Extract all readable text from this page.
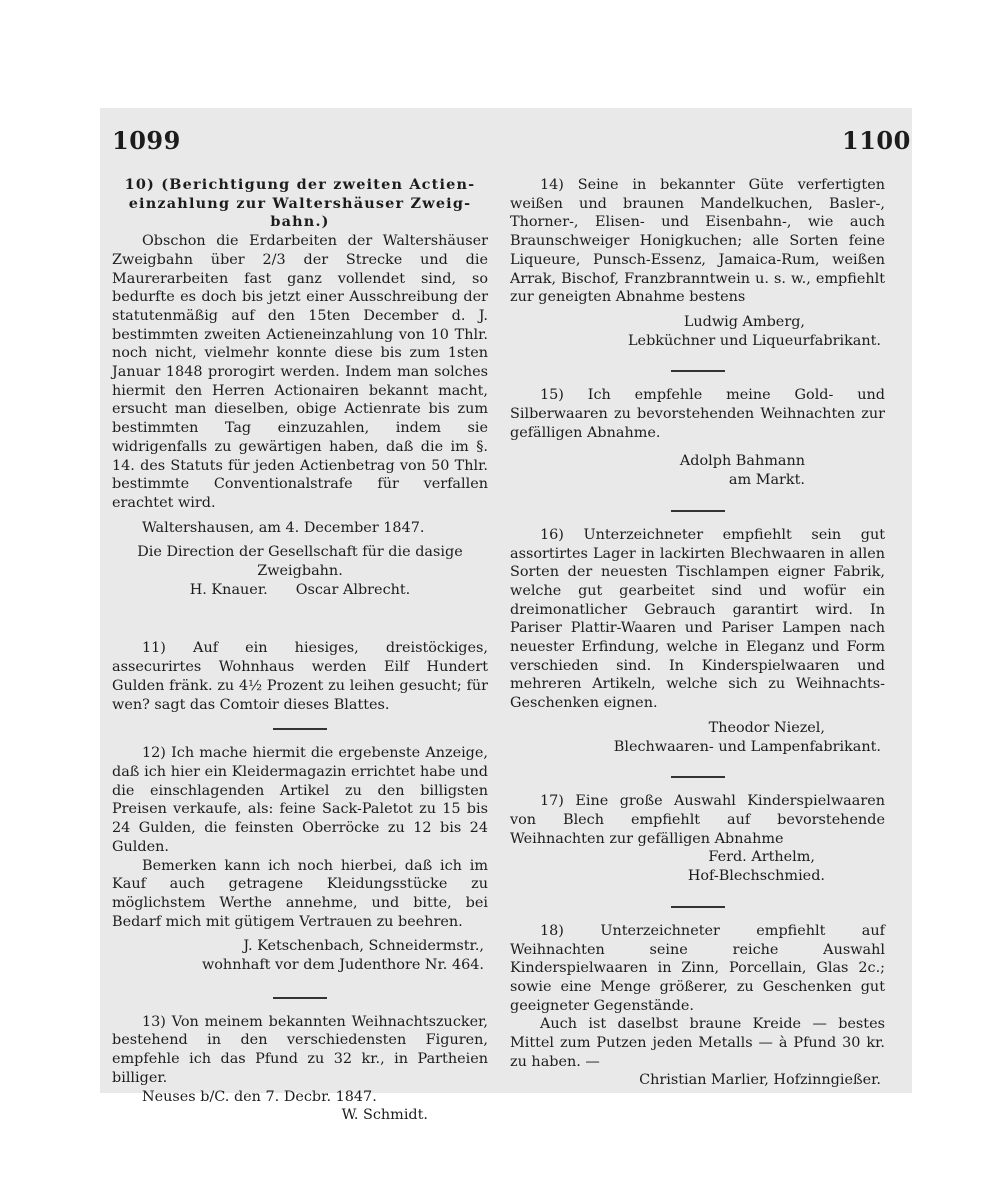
1099	1100
10) (Berichtigung der zweiten Actien-
einzahlung zur Waltershäuser Zweig-
bahn.)

Obschon die Erdarbeiten der Waltershäuser Zweigbahn über 2/3 der Strecke und die Maurerarbeiten fast ganz vollendet sind, so bedurfte es doch bis jetzt einer Ausschreibung der statutenmäßig auf den 15ten December d. J. bestimmten zweiten Actieneinzahlung von 10 Thlr. noch nicht, vielmehr konnte diese bis zum 1sten Januar 1848 prorogirt werden. Indem man solches hiermit den Herren Actionairen bekannt macht, ersucht man dieselben, obige Actienrate bis zum bestimmten Tag einzuzahlen, indem sie widrigenfalls zu gewärtigen haben, daß die im §. 14. des Statuts für jeden Actienbetrag von 50 Thlr. bestimmte Conventionalstrafe für verfallen erachtet wird.

Waltershausen, am 4. December 1847.

Die Direction der Gesellschaft für die dasige

Zweigbahn.

H. Knauer. Oscar Albrecht.

11) Auf ein hiesiges, dreistöckiges, assecurirtes Wohnhaus werden Eilf Hundert Gulden fränk. zu 4½ Prozent zu leihen gesucht; für wen? sagt das Comtoir dieses Blattes.

12) Ich mache hiermit die ergebenste Anzeige, daß ich hier ein Kleidermagazin errichtet habe und die einschlagenden Artikel zu den billigsten Preisen verkaufe, als: feine Sack-Paletot zu 15 bis 24 Gulden, die feinsten Oberröcke zu 12 bis 24 Gulden.

Bemerken kann ich noch hierbei, daß ich im Kauf auch getragene Kleidungsstücke zu möglichstem Werthe annehme, und bitte, bei Bedarf mich mit gütigem Vertrauen zu beehren.

J. Ketschenbach, Schneidermstr.,

wohnhaft vor dem Judenthore Nr. 464.

13) Von meinem bekannten Weihnachtszucker, bestehend in den verschiedensten Figuren, empfehle ich das Pfund zu 32 kr., in Partheien billiger.

Neuses b/C. den 7. Decbr. 1847.

W. Schmidt.

14) Seine in bekannter Güte verfertigten weißen und braunen Mandelkuchen, Basler-, Thorner-, Elisen- und Eisenbahn-, wie auch Braunschweiger Honigkuchen; alle Sorten feine Liqueure, Punsch-Essenz, Jamaica-Rum, weißen Arrak, Bischof, Franzbranntwein u. s. w., empfiehlt zur geneigten Abnahme bestens

Ludwig Amberg,

Lebküchner und Liqueurfabrikant.

15) Ich empfehle meine Gold- und Silberwaaren zu bevorstehenden Weihnachten zur gefälligen Abnahme.

Adolph Bahmann

am Markt.

16) Unterzeichneter empfiehlt sein gut assortirtes Lager in lackirten Blechwaaren in allen Sorten der neuesten Tischlampen eigner Fabrik, welche gut gearbeitet sind und wofür ein dreimonatlicher Gebrauch garantirt wird. In Pariser Plattir-Waaren und Pariser Lampen nach neuester Erfindung, welche in Eleganz und Form verschieden sind. In Kinderspielwaaren und mehreren Artikeln, welche sich zu Weihnachts-Geschenken eignen.

Theodor Niezel,

Blechwaaren- und Lampenfabrikant.

17) Eine große Auswahl Kinderspielwaaren von Blech empfiehlt auf bevorstehende Weihnachten zur gefälligen Abnahme

Ferd. Arthelm,

Hof-Blechschmied.

18) Unterzeichneter empfiehlt auf Weihnachten seine reiche Auswahl Kinderspielwaaren in Zinn, Porcellain, Glas 2c.; sowie eine Menge größerer, zu Geschenken gut geeigneter Gegenstände.

Auch ist daselbst braune Kreide — bestes Mittel zum Putzen jeden Metalls — à Pfund 30 kr. zu haben. —

Christian Marlier, Hofzinngießer.
